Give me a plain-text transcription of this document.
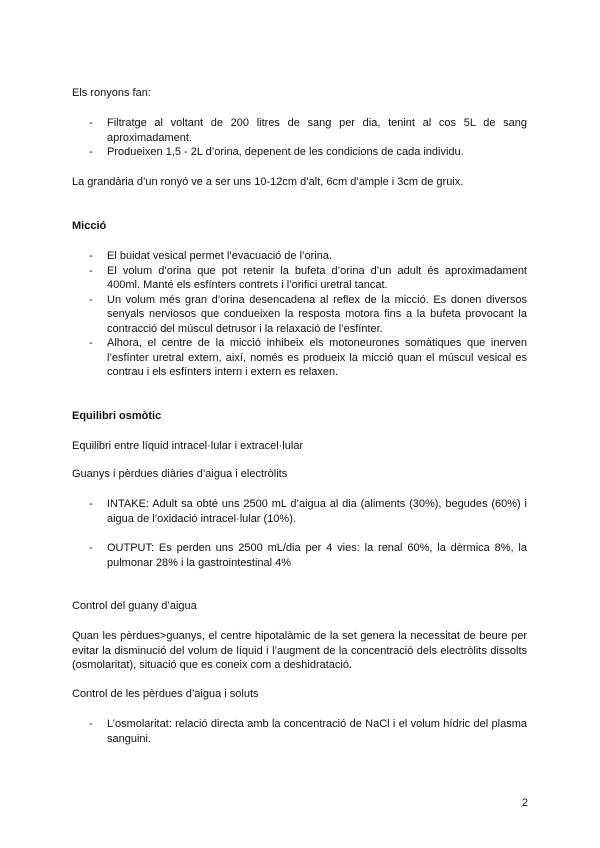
Els ronyons fan:

- Filtratge al voltant de 200 litres de sang per dia, tenint al cos 5L de sang aproximadament.
- Produeixen 1,5 - 2L d’orina, depenent de les condicions de cada individu.

La grandària d’un ronyó ve a ser uns 10-12cm d’alt, 6cm d’ample i 3cm de gruix.

Micció

- El buidat vesical permet l’evacuació de l’orina.
- El volum d’orina que pot retenir la bufeta d’orina d’un adult és aproximadament 400ml. Manté els esfínters contrets i l’orifici uretral tancat.
- Un volum més gran d’orina desencadena al reflex de la micció. Es donen diversos senyals nerviosos que condueixen la resposta motora fins a la bufeta provocant la contracció del múscul detrusor i la relaxació de l’esfínter.
- Alhora, el centre de la micció inhibeix els motoneurones somàtiques que inerven l’esfínter uretral extern, així, només es produeix la micció quan el múscul vesical es contrau i els esfínters intern i extern es relaxen.

Equilibri osmòtic

Equilibri entre líquid intracel·lular i extracel·lular

Guanys i pèrdues diàries d’aigua i electròlits

- INTAKE: Adult sa obté uns 2500 mL d’aigua al dia (aliments (30%), begudes (60%) i aigua de l’oxidació intracel·lular (10%).
- OUTPUT: Es perden uns 2500 mL/dia per 4 vies: la renal 60%, la dèrmica 8%, la pulmonar 28% i la gastrointestinal 4%

Control del guany d’aigua

Quan les pèrdues>guanys, el centre hipotalàmic de la set genera la necessitat de beure per evitar la disminució del volum de líquid i l’augment de la concentració dels electròlits dissolts (osmolaritat), situació que es coneix com a deshidratació.

Control de les pèrdues d’aigua i soluts

- L’osmolaritat: relació directa amb la concentració de NaCl i el volum hídric del plasma sanguini.
2
